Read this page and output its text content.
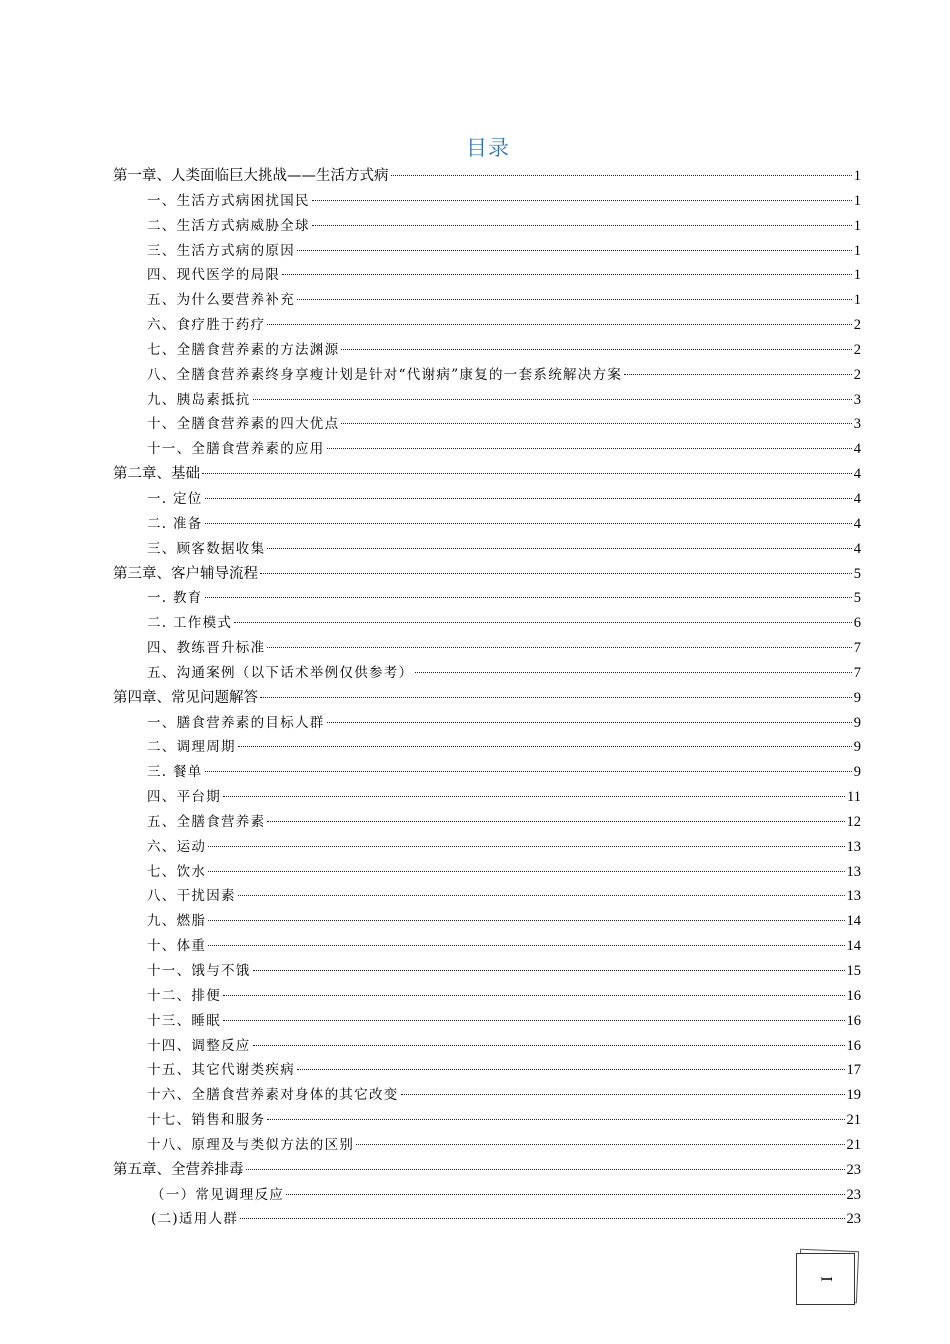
目录
第一章、人类面临巨大挑战——生活方式病	1
一、生活方式病困扰国民	1
二、生活方式病威胁全球	1
三、生活方式病的原因	1
四、现代医学的局限	1
五、为什么要营养补充	1
六、食疗胜于药疗	2
七、全膳食营养素的方法渊源	2
八、全膳食营养素终身享瘦计划是针对“代谢病”康复的一套系统解决方案	2
九、胰岛素抵抗	3
十、全膳食营养素的四大优点	3
十一、全膳食营养素的应用	4
第二章、基础	4
一. 定位	4
二. 准备	4
三、顾客数据收集	4
第三章、客户辅导流程	5
一. 教育	5
二. 工作模式	6
四、教练晋升标准	7
五、沟通案例（以下话术举例仅供参考）	7
第四章、常见问题解答	9
一、膳食营养素的目标人群	9
二、调理周期	9
三. 餐单	9
四、平台期	11
五、全膳食营养素	12
六、运动	13
七、饮水	13
八、干扰因素	13
九、燃脂	14
十、体重	14
十一、饿与不饿	15
十二、排便	16
十三、睡眠	16
十四、调整反应	16
十五、其它代谢类疾病	17
十六、全膳食营养素对身体的其它改变	19
十七、销售和服务	21
十八、原理及与类似方法的区别	21
第五章、全营养排毒	23
（一）常见调理反应	23
(二)适用人群	23
I
